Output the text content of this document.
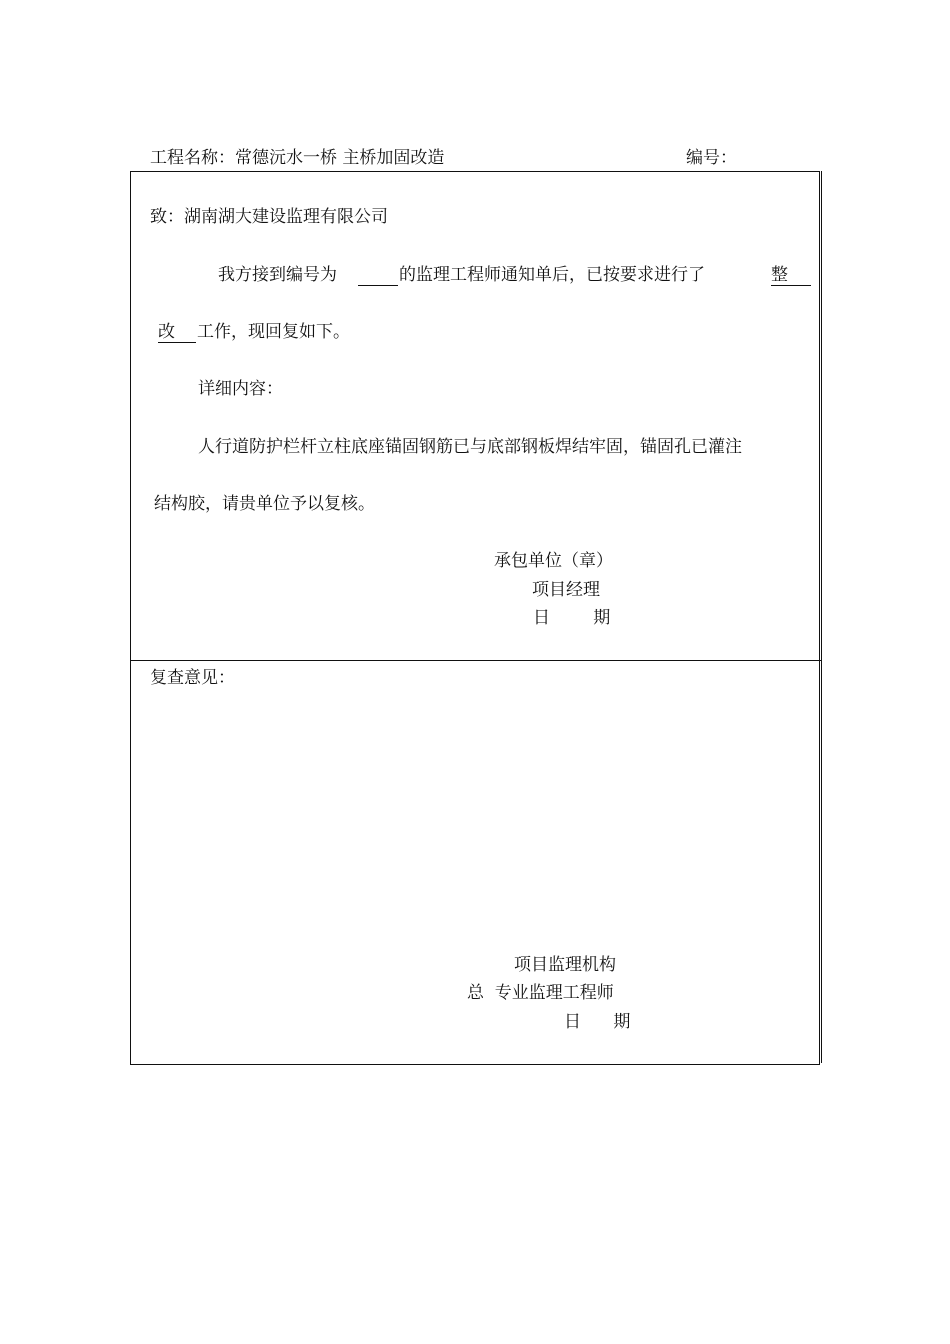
工程名称：常德沅水一桥 主桥加固改造	编号：
致：湖南湖大建设监理有限公司
我方接到编号为	的监理工程师通知单后，已按要求进行了	整
改	工作，现回复如下。
详细内容：
人行道防护栏杆立柱底座锚固钢筋已与底部钢板焊结牢固，锚固孔已灌注
结构胶，请贵单位予以复核。
承包单位（章）
项目经理
日        期
复查意见：
项目监理机构
总  专业监理工程师
日      期
